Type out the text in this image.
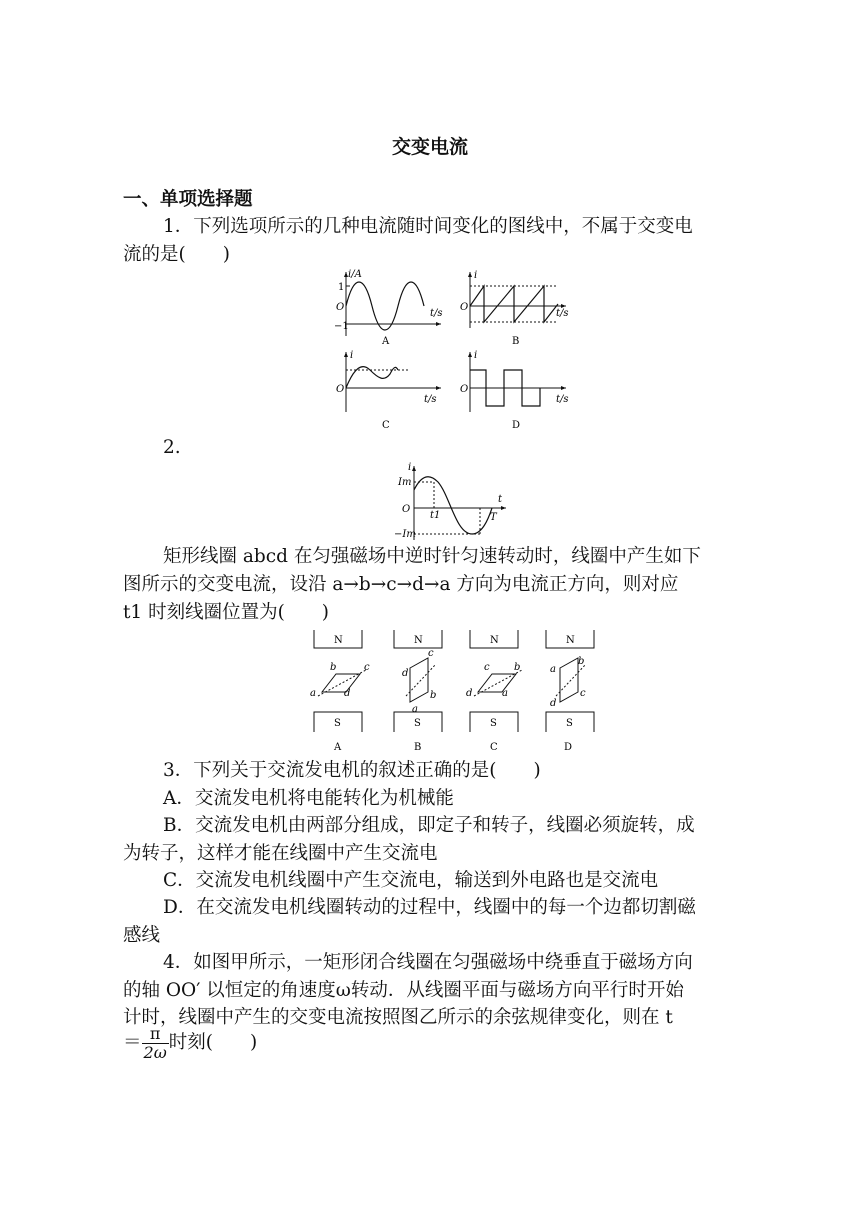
交变电流
一、单项选择题
1．下列选项所示的几种电流随时间变化的图线中，不属于交变电
流的是(　　)
i/A
1
−1
O
t/s
A
i
O
t/s
B
i
O
t/s
C
i
O
t/s
D
2.
i
Im
O
−Im
t1
t
T
矩形线圈 abcd 在匀强磁场中逆时针匀速转动时，线圈中产生如下
图所示的交变电流，设沿 a→b→c→d→a 方向为电流正方向，则对应
t1 时刻线圈位置为(　　)
N
S
b	c
a	d
A
N
S
d
c
a
b
B
N
S
c b
d	a
C
N
S
a
b
d
c
D
3．下列关于交流发电机的叙述正确的是(　　)
A．交流发电机将电能转化为机械能
B．交流发电机由两部分组成，即定子和转子，线圈必须旋转，成
为转子，这样才能在线圈中产生交流电
C．交流发电机线圈中产生交流电，输送到外电路也是交流电
D．在交流发电机线圈转动的过程中，线圈中的每一个边都切割磁
感线
4．如图甲所示，一矩形闭合线圈在匀强磁场中绕垂直于磁场方向
的轴 OO′ 以恒定的角速度ω转动．从线圈平面与磁场方向平行时开始
计时，线圈中产生的交变电流按照图乙所示的余弦规律变化，则在 t
＝ $\frac{\pi}{2\omega}$ 时刻(　　)
